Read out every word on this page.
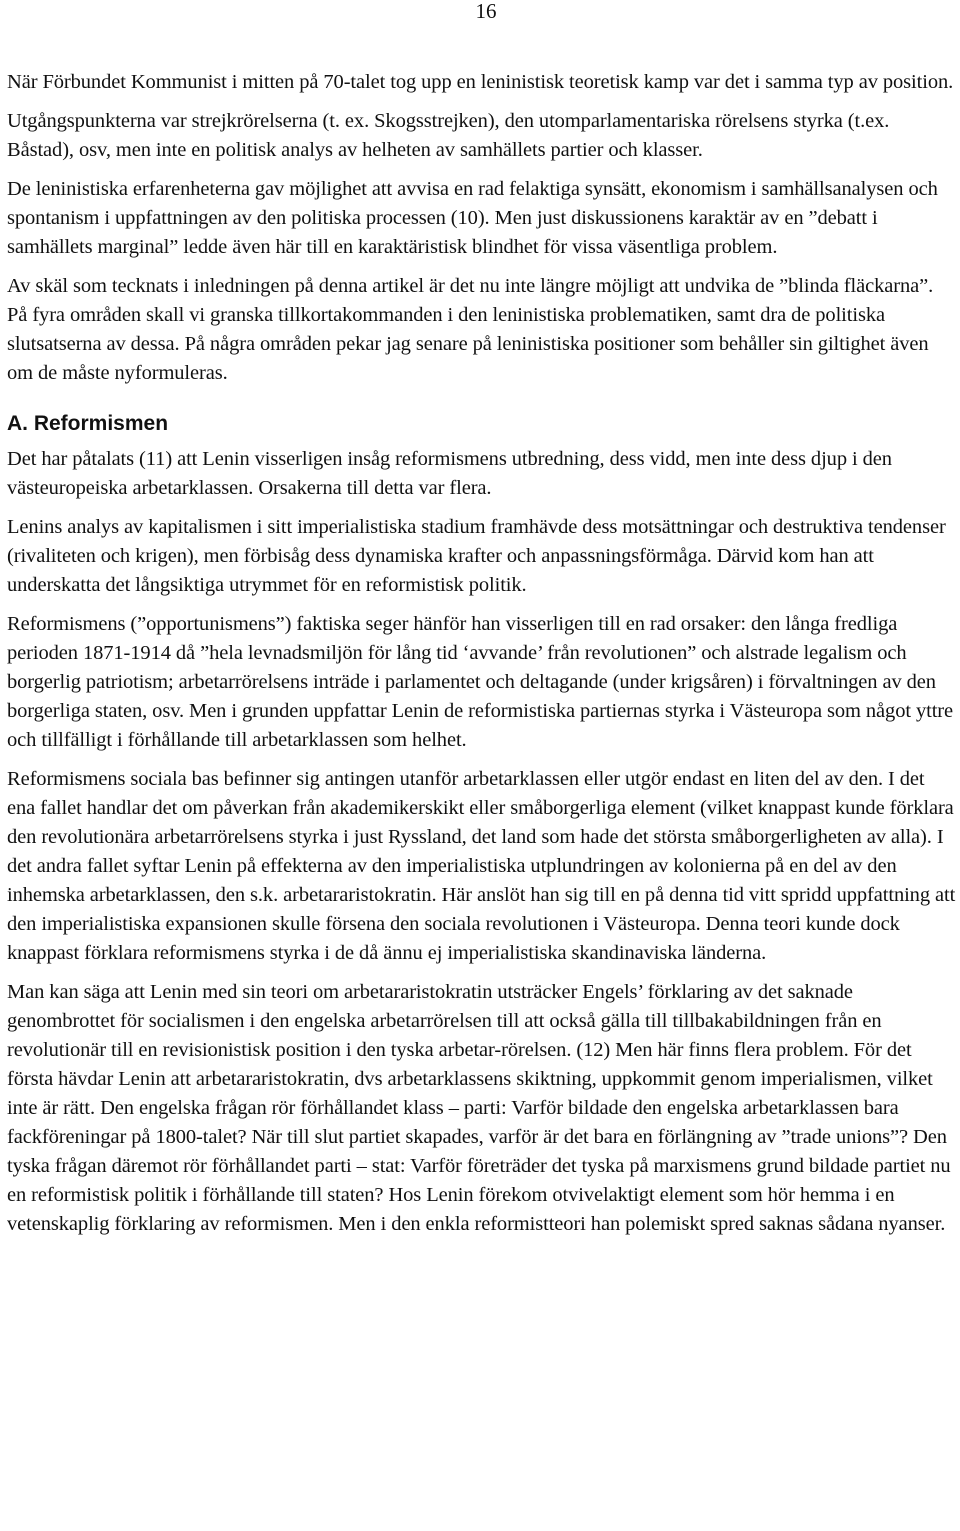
16

När Förbundet Kommunist i mitten på 70-talet tog upp en leninistisk teoretisk kamp var det i samma typ av position.

Utgångspunkterna var strejkrörelserna (t. ex. Skogsstrejken), den utomparlamentariska rörelsens styrka (t.ex. Båstad), osv, men inte en politisk analys av helheten av samhällets partier och klasser.

De leninistiska erfarenheterna gav möjlighet att avvisa en rad felaktiga synsätt, ekonomism i samhällsanalysen och spontanism i uppfattningen av den politiska processen (10). Men just diskussionens karaktär av en ”debatt i samhällets marginal” ledde även här till en karaktäristisk blindhet för vissa väsentliga problem.

Av skäl som tecknats i inledningen på denna artikel är det nu inte längre möjligt att undvika de ”blinda fläckarna”. På fyra områden skall vi granska tillkortakommanden i den leninistiska problematiken, samt dra de politiska slutsatserna av dessa. På några områden pekar jag senare på leninistiska positioner som behåller sin giltighet även om de måste nyformuleras.

A. Reformismen

Det har påtalats (11) att Lenin visserligen insåg reformismens utbredning, dess vidd, men inte dess djup i den västeuropeiska arbetarklassen. Orsakerna till detta var flera.

Lenins analys av kapitalismen i sitt imperialistiska stadium framhävde dess motsättningar och destruktiva tendenser (rivaliteten och krigen), men förbisåg dess dynamiska krafter och anpassningsförmåga. Därvid kom han att underskatta det långsiktiga utrymmet för en reformistisk politik.

Reformismens (”opportunismens”) faktiska seger hänför han visserligen till en rad orsaker: den långa fredliga perioden 1871-1914 då ”hela levnadsmiljön för lång tid ‘avvande’ från revolutionen” och alstrade legalism och borgerlig patriotism; arbetarrörelsens inträde i parlamentet och deltagande (under krigsåren) i förvaltningen av den borgerliga staten, osv. Men i grunden uppfattar Lenin de reformistiska partiernas styrka i Västeuropa som något yttre och tillfälligt i förhållande till arbetarklassen som helhet.

Reformismens sociala bas befinner sig antingen utanför arbetarklassen eller utgör endast en liten del av den. I det ena fallet handlar det om påverkan från akademikerskikt eller småborgerliga element (vilket knappast kunde förklara den revolutionära arbetarrörelsens styrka i just Ryssland, det land som hade det största småborgerligheten av alla). I det andra fallet syftar Lenin på effekterna av den imperialistiska utplundringen av kolonierna på en del av den inhemska arbetarklassen, den s.k. arbetararistokratin. Här anslöt han sig till en på denna tid vitt spridd uppfattning att den imperialistiska expansionen skulle försena den sociala revolutionen i Västeuropa. Denna teori kunde dock knappast förklara reformismens styrka i de då ännu ej imperialistiska skandinaviska länderna.

Man kan säga att Lenin med sin teori om arbetararistokratin utsträcker Engels’ förklaring av det saknade genombrottet för socialismen i den engelska arbetarrörelsen till att också gälla till tillbakabildningen från en revolutionär till en revisionistisk position i den tyska arbetar-rörelsen. (12) Men här finns flera problem. För det första hävdar Lenin att arbetararistokratin, dvs arbetarklassens skiktning, uppkommit genom imperialismen, vilket inte är rätt. Den engelska frågan rör förhållandet klass – parti: Varför bildade den engelska arbetarklassen bara fackföreningar på 1800-talet? När till slut partiet skapades, varför är det bara en förlängning av ”trade unions”? Den tyska frågan däremot rör förhållandet parti – stat: Varför företräder det tyska på marxismens grund bildade partiet nu en reformistisk politik i förhållande till staten? Hos Lenin förekom otvivelaktigt element som hör hemma i en vetenskaplig förklaring av reformismen. Men i den enkla reformistteori han polemiskt spred saknas sådana nyanser.
